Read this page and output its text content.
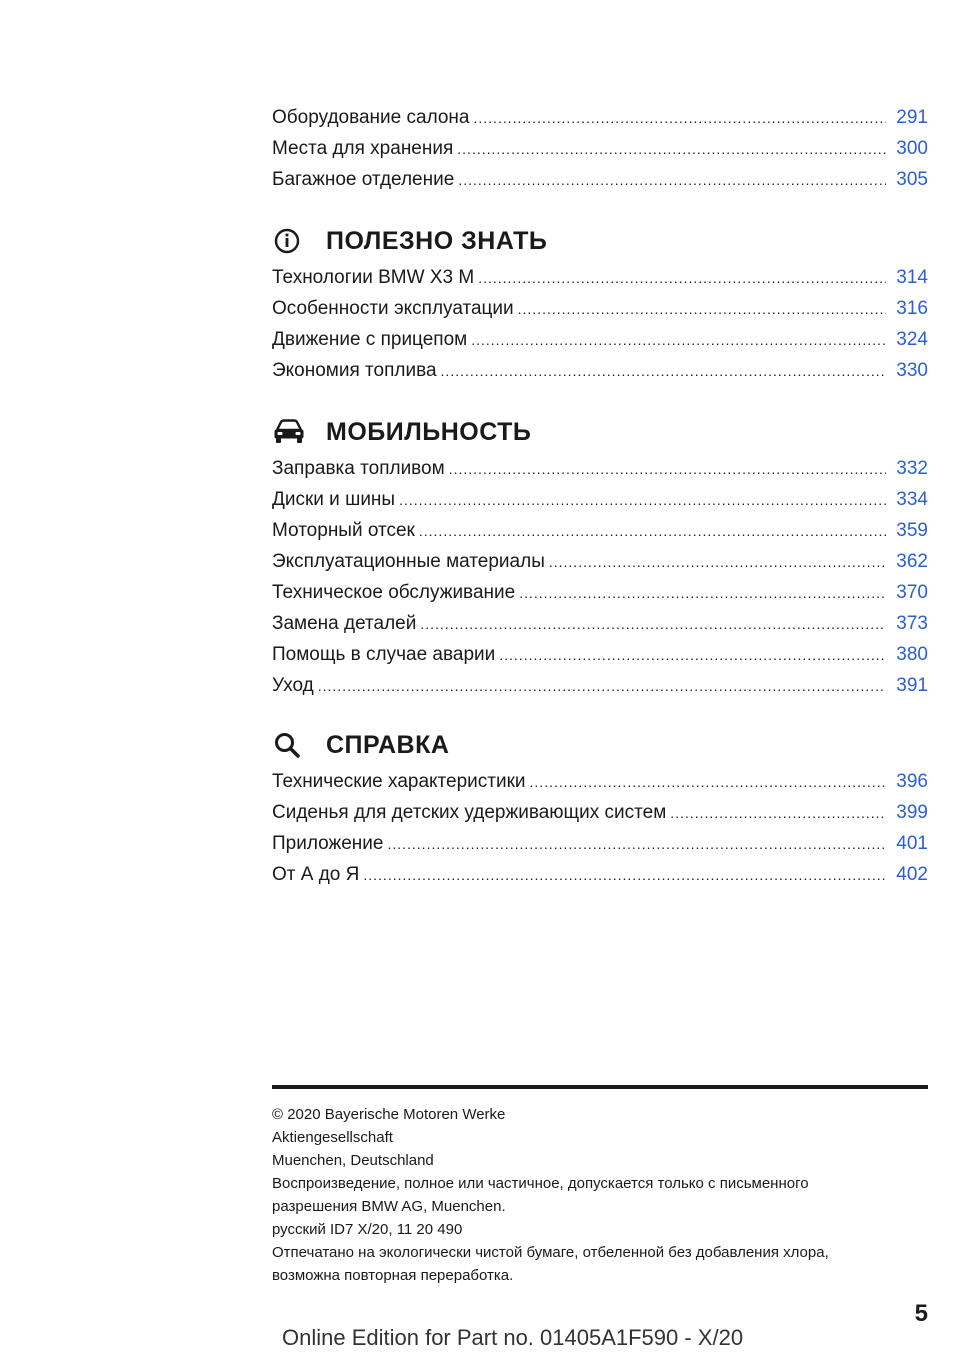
Оборудование салона .....	291
Места для хранения .....	300
Багажное отделение .....	305
ПОЛЕЗНО ЗНАТЬ
Технологии BMW X3 M .....	314
Особенности эксплуатации .....	316
Движение с прицепом .....	324
Экономия топлива .....	330
МОБИЛЬНОСТЬ
Заправка топливом .....	332
Диски и шины .....	334
Моторный отсек .....	359
Эксплуатационные материалы .....	362
Техническое обслуживание .....	370
Замена деталей .....	373
Помощь в случае аварии .....	380
Уход .....	391
СПРАВКА
Технические характеристики .....	396
Сиденья для детских удерживающих систем .....	399
Приложение .....	401
От А до Я .....	402
© 2020 Bayerische Motoren Werke
Aktiengesellschaft
Muenchen, Deutschland
Воспроизведение, полное или частичное, допускается только с письменного
разрешения BMW AG, Muenchen.
русский ID7 X/20, 11 20 490
Отпечатано на экологически чистой бумаге, отбеленной без добавления хлора,
возможна повторная переработка.
5
Online Edition for Part no. 01405A1F590 - X/20
